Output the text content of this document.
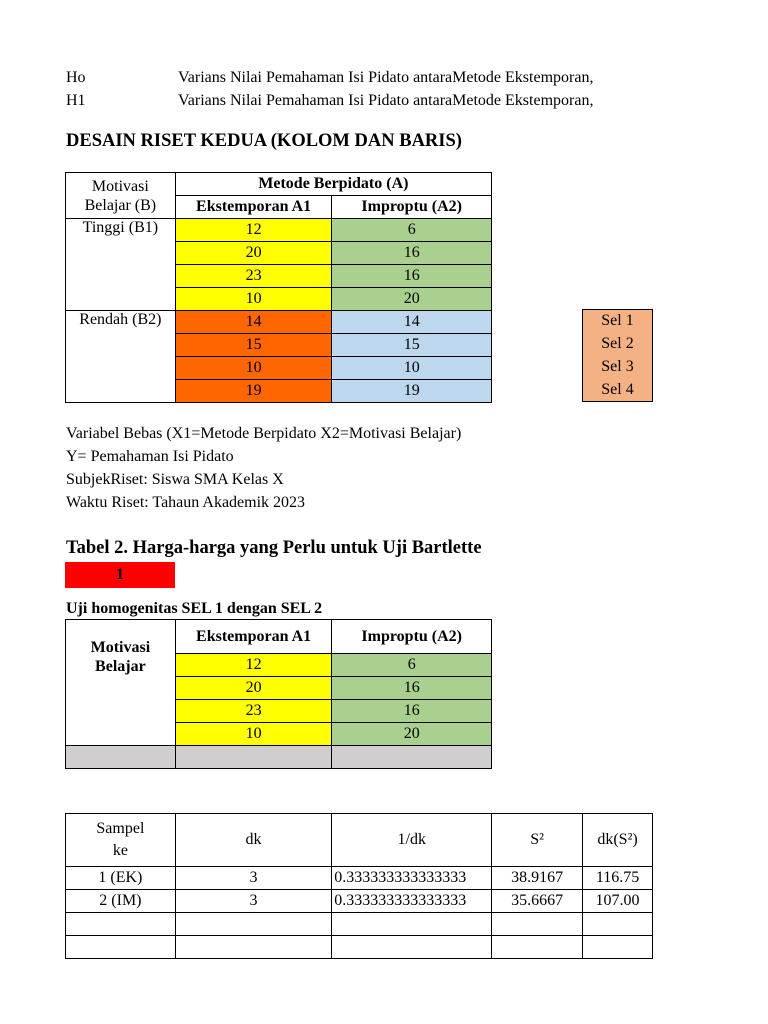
Ho	Varians Nilai Pemahaman Isi Pidato antaraMetode Ekstemporan,
H1	Varians Nilai Pemahaman Isi Pidato antaraMetode Ekstemporan,
DESAIN RISET KEDUA (KOLOM DAN BARIS)
Motivasi
Belajar (B)	Metode Berpidato (A)	
	Ekstemporan A1	Improptu (A2)
Tinggi (B1)	12	6
	20	16
	23	16
	10	20
Rendah (B2)	14	14
	15	15
	10	10
	19	19
Sel 1
Sel 2
Sel 3
Sel 4
Variabel Bebas (X1=Metode Berpidato X2=Motivasi Belajar)
Y= Pemahaman Isi Pidato
SubjekRiset: Siswa SMA Kelas X
Waktu Riset: Tahaun Akademik 2023
Tabel 2. Harga-harga yang Perlu untuk Uji Bartlette
1
Uji homogenitas SEL 1 dengan SEL 2
Motivasi
Belajar	Ekstemporan A1	Improptu (A2)
	12	6
	20	16
	23	16
	10	20

Sampel
ke	dk	1/dk	S²	dk(S²)
1 (EK)	3	0.333333333333333	38.9167	116.75
2 (IM)	3	0.333333333333333	35.6667	107.00
